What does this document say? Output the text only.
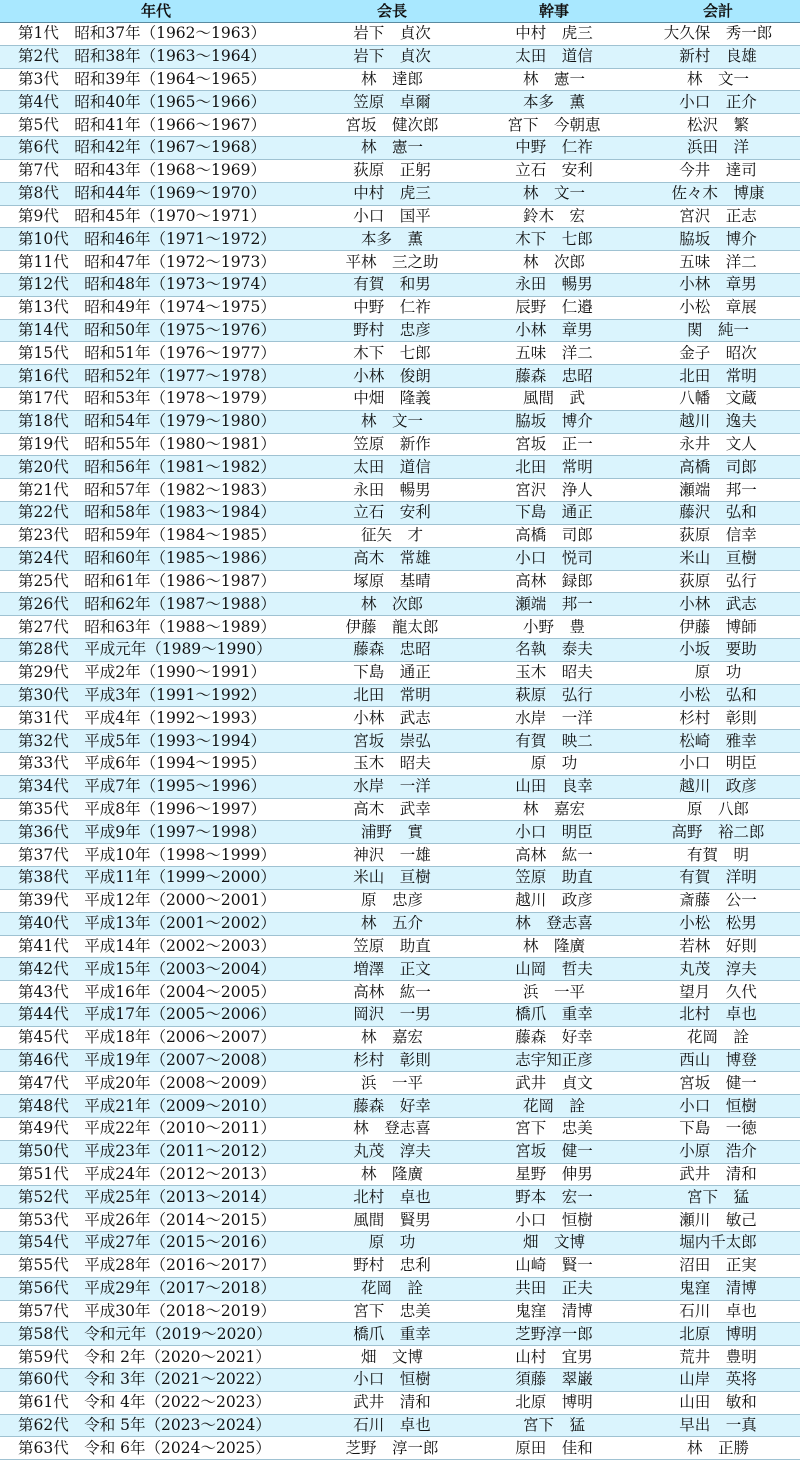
年代	会長	幹事	会計
第1代　昭和37年（1962～1963）	岩下　貞次	中村　虎三	大久保　秀一郎
第2代　昭和38年（1963～1964）	岩下　貞次	太田　道信	新村　良雄
第3代　昭和39年（1964～1965）	林　達郎	林　憲一	林　文一
第4代　昭和40年（1965～1966）	笠原　卓爾	本多　薫	小口　正介
第5代　昭和41年（1966～1967）	宮坂　健次郎	宮下　今朝恵	松沢　繁
第6代　昭和42年（1967～1968）	林　憲一	中野　仁祚	浜田　洋
第7代　昭和43年（1968～1969）	荻原　正躬	立石　安利	今井　達司
第8代　昭和44年（1969～1970）	中村　虎三	林　文一	佐々木　博康
第9代　昭和45年（1970～1971）	小口　国平	鈴木　宏	宮沢　正志
第10代　昭和46年（1971～1972）	本多　薫	木下　七郎	脇坂　博介
第11代　昭和47年（1972～1973）	平林　三之助	林　次郎	五味　洋二
第12代　昭和48年（1973～1974）	有賀　和男	永田　暢男	小林　章男
第13代　昭和49年（1974～1975）	中野　仁祚	辰野　仁邉	小松　章展
第14代　昭和50年（1975～1976）	野村　忠彦	小林　章男	関　純一
第15代　昭和51年（1976～1977）	木下　七郎	五味　洋二	金子　昭次
第16代　昭和52年（1977～1978）	小林　俊朗	藤森　忠昭	北田　常明
第17代　昭和53年（1978～1979）	中畑　隆義	風間　武	八幡　文蔵
第18代　昭和54年（1979～1980）	林　文一	脇坂　博介	越川　逸夫
第19代　昭和55年（1980～1981）	笠原　新作	宮坂　正一	永井　文人
第20代　昭和56年（1981～1982）	太田　道信	北田　常明	高橋　司郎
第21代　昭和57年（1982～1983）	永田　暢男	宮沢　浄人	瀬端　邦一
第22代　昭和58年（1983～1984）	立石　安利	下島　通正	藤沢　弘和
第23代　昭和59年（1984～1985）	征矢　才	高橋　司郎	荻原　信幸
第24代　昭和60年（1985～1986）	高木　常雄	小口　悦司	米山　亘樹
第25代　昭和61年（1986～1987）	塚原　基晴	高林　録郎	荻原　弘行
第26代　昭和62年（1987～1988）	林　次郎	瀬端　邦一	小林　武志
第27代　昭和63年（1988～1989）	伊藤　龍太郎	小野　豊	伊藤　博師
第28代　平成元年（1989～1990）	藤森　忠昭	名執　泰夫	小坂　要助
第29代　平成2年（1990～1991）	下島　通正	玉木　昭夫	原　功
第30代　平成3年（1991～1992）	北田　常明	萩原　弘行	小松　弘和
第31代　平成4年（1992～1993）	小林　武志	水岸　一洋	杉村　彰則
第32代　平成5年（1993～1994）	宮坂　崇弘	有賀　映二	松崎　雅幸
第33代　平成6年（1994～1995）	玉木　昭夫	原　功	小口　明臣
第34代　平成7年（1995～1996）	水岸　一洋	山田　良幸	越川　政彦
第35代　平成8年（1996～1997）	高木　武幸	林　嘉宏	原　八郎
第36代　平成9年（1997～1998）	浦野　實	小口　明臣	高野　裕二郎
第37代　平成10年（1998～1999）	神沢　一雄	高林　紘一	有賀　明
第38代　平成11年（1999～2000）	米山　亘樹	笠原　助直	有賀　洋明
第39代　平成12年（2000～2001）	原　忠彦	越川　政彦	斎藤　公一
第40代　平成13年（2001～2002）	林　五介	林　登志喜	小松　松男
第41代　平成14年（2002～2003）	笠原　助直	林　隆廣	若林　好則
第42代　平成15年（2003～2004）	増澤　正文	山岡　哲夫	丸茂　淳夫
第43代　平成16年（2004～2005）	高林　紘一	浜　一平	望月　久代
第44代　平成17年（2005～2006）	岡沢　一男	橋爪　重幸	北村　卓也
第45代　平成18年（2006～2007）	林　嘉宏	藤森　好幸	花岡　詮
第46代　平成19年（2007～2008）	杉村　彰則	志宇知正彦	西山　博登
第47代　平成20年（2008～2009）	浜　一平	武井　貞文	宮坂　健一
第48代　平成21年（2009～2010）	藤森　好幸	花岡　詮	小口　恒樹
第49代　平成22年（2010～2011）	林　登志喜	宮下　忠美	下島　一徳
第50代　平成23年（2011～2012）	丸茂　淳夫	宮坂　健一	小原　浩介
第51代　平成24年（2012～2013）	林　隆廣	星野　伸男	武井　清和
第52代　平成25年（2013～2014）	北村　卓也	野本　宏一	宮下　猛
第53代　平成26年（2014～2015）	風間　賢男	小口　恒樹	瀬川　敏己
第54代　平成27年（2015～2016）	原　功	畑　文博	堀内千太郎
第55代　平成28年（2016～2017）	野村　忠利	山崎　賢一	沼田　正実
第56代　平成29年（2017～2018）	花岡　詮	共田　正夫	鬼窪　清博
第57代　平成30年（2018～2019）	宮下　忠美	鬼窪　清博	石川　卓也
第58代　令和元年（2019～2020）	橋爪　重幸	芝野淳一郎	北原　博明
第59代　令和 2年（2020～2021）	畑　文博	山村　宜男	荒井　豊明
第60代　令和 3年（2021～2022）	小口　恒樹	須藤　翠巌	山岸　英将
第61代　令和 4年（2022～2023）	武井　清和	北原　博明	山田　敏和
第62代　令和 5年（2023～2024）	石川　卓也	宮下　猛	早出　一真
第63代　令和 6年（2024～2025）	芝野　淳一郎	原田　佳和	林　正勝
